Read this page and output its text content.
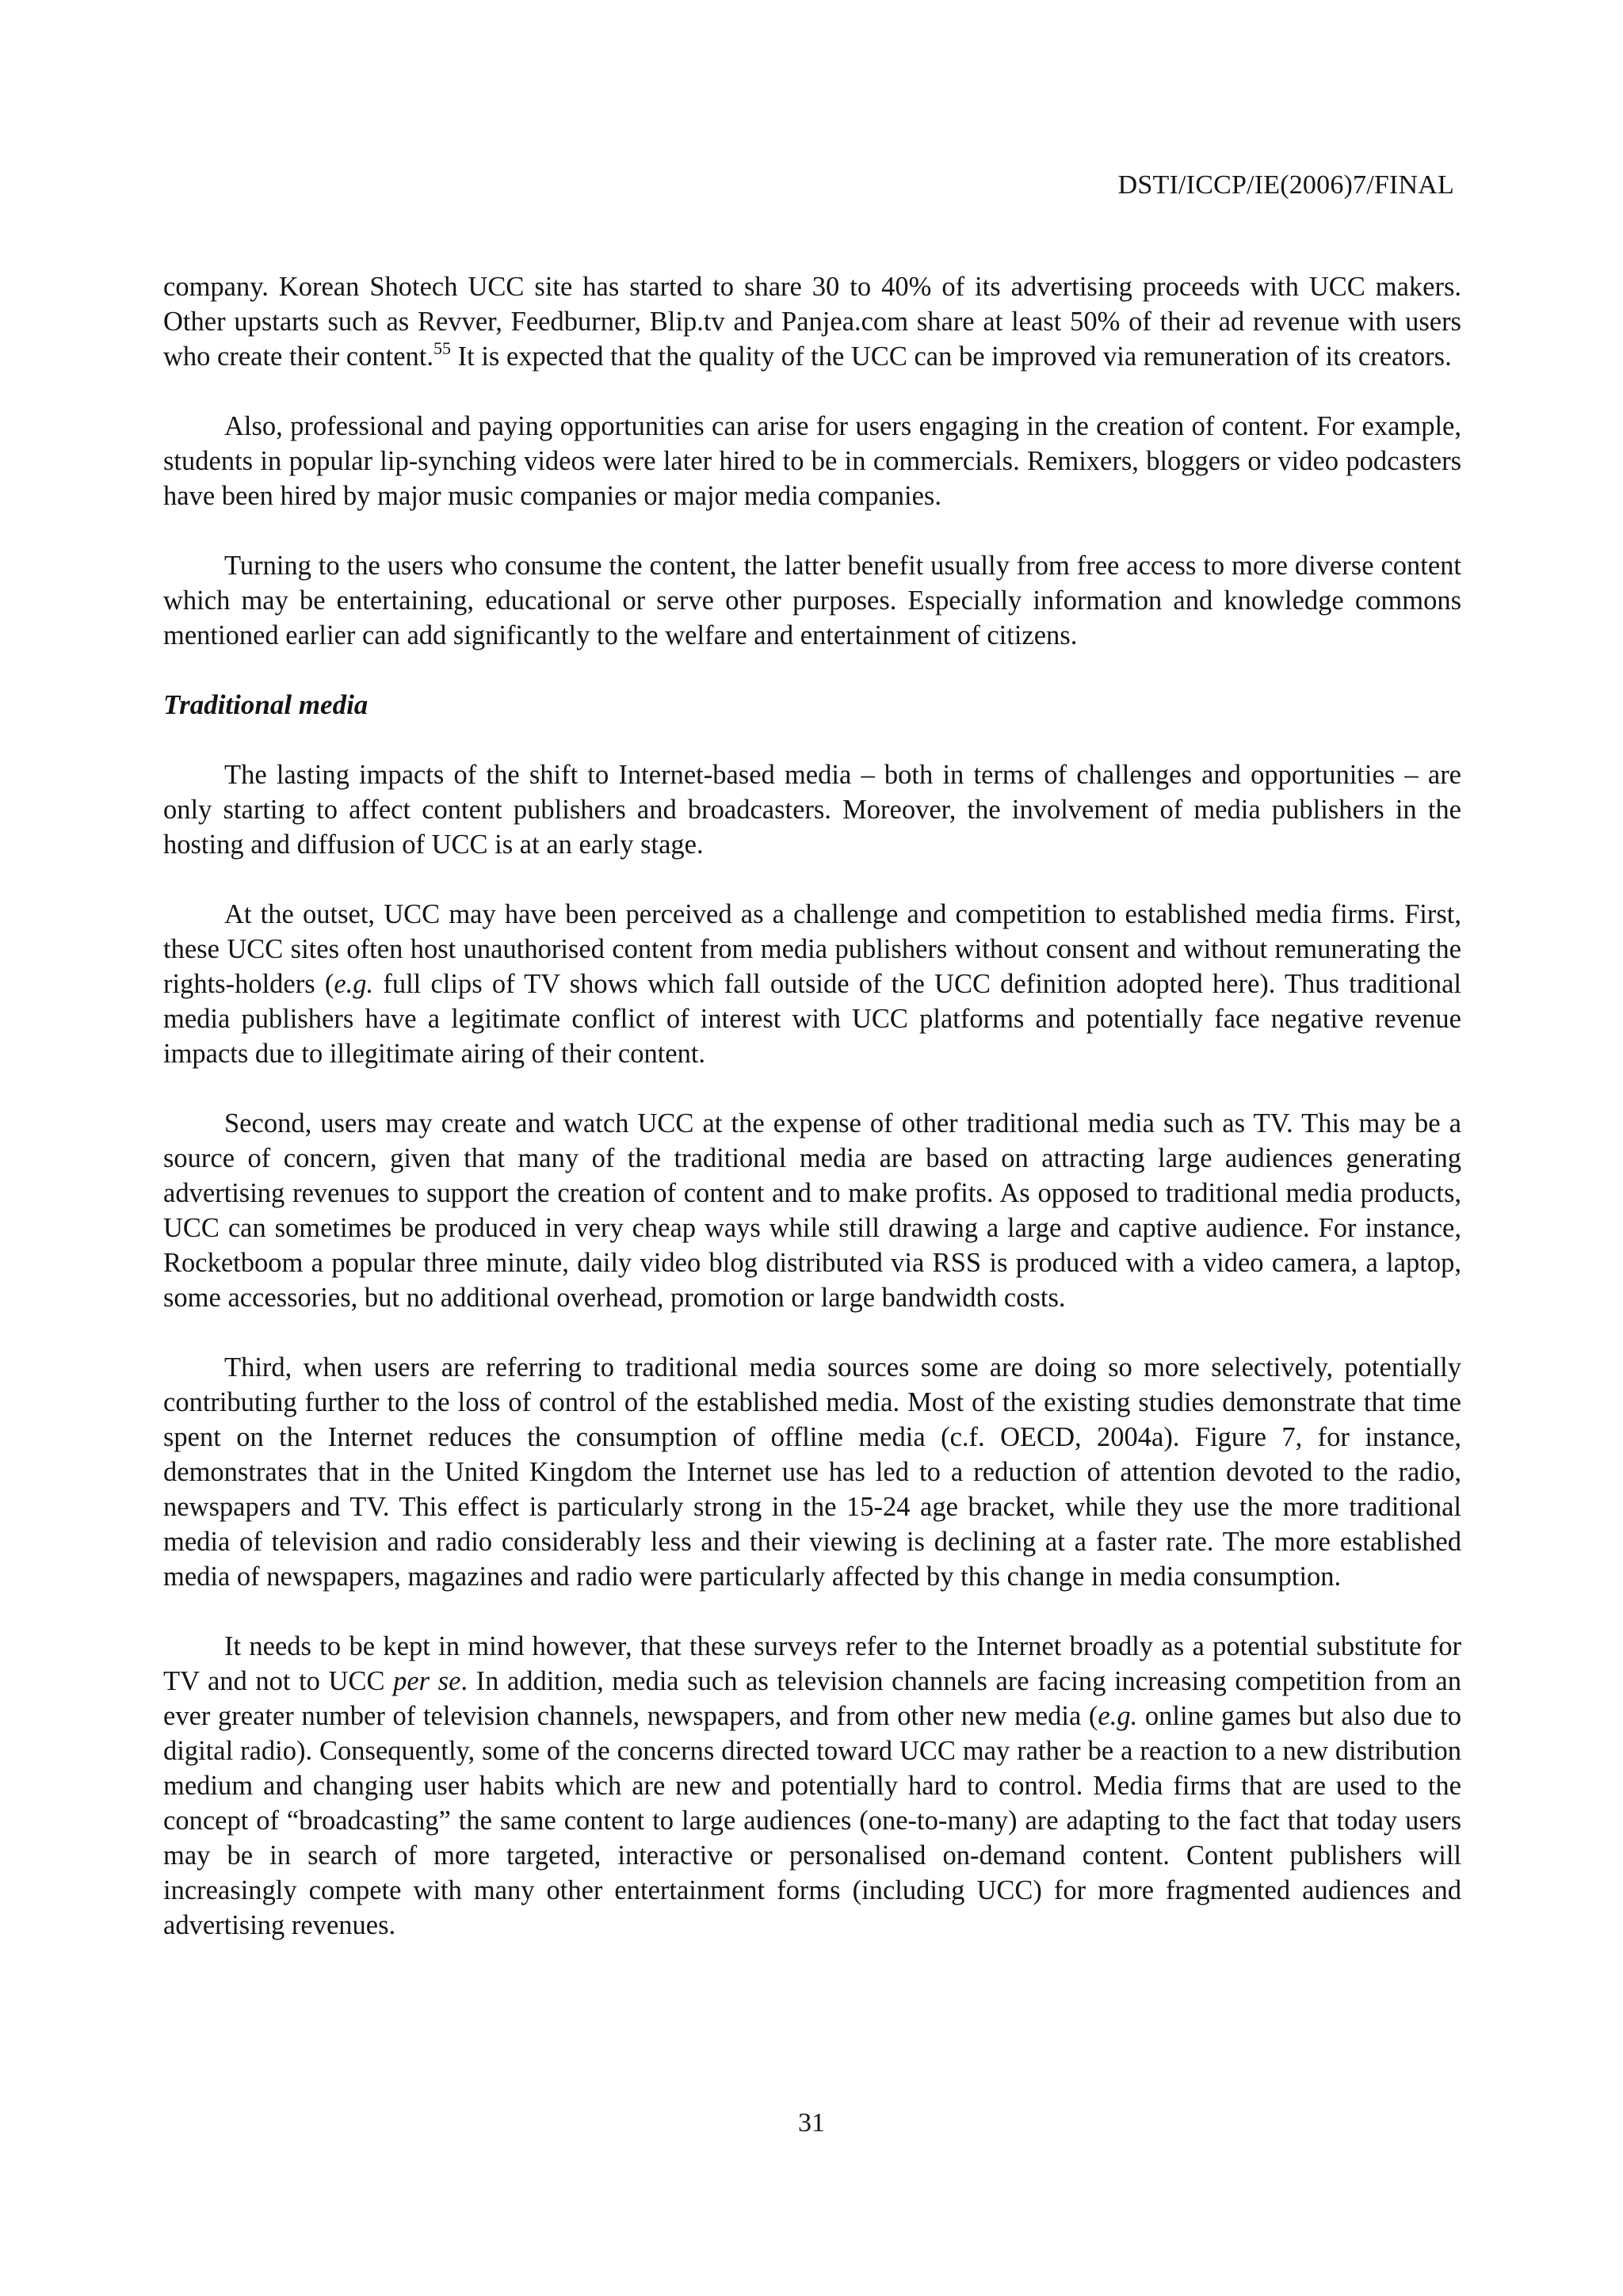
DSTI/ICCP/IE(2006)7/FINAL

company. Korean Shotech UCC site has started to share 30 to 40% of its advertising proceeds with UCC makers. Other upstarts such as Revver, Feedburner, Blip.tv and Panjea.com share at least 50% of their ad revenue with users who create their content.$^{55}$ It is expected that the quality of the UCC can be improved via remuneration of its creators.

Also, professional and paying opportunities can arise for users engaging in the creation of content. For example, students in popular lip-synching videos were later hired to be in commercials. Remixers, bloggers or video podcasters have been hired by major music companies or major media companies.

Turning to the users who consume the content, the latter benefit usually from free access to more diverse content which may be entertaining, educational or serve other purposes. Especially information and knowledge commons mentioned earlier can add significantly to the welfare and entertainment of citizens.

Traditional media

The lasting impacts of the shift to Internet-based media – both in terms of challenges and opportunities – are only starting to affect content publishers and broadcasters. Moreover, the involvement of media publishers in the hosting and diffusion of UCC is at an early stage.

At the outset, UCC may have been perceived as a challenge and competition to established media firms. First, these UCC sites often host unauthorised content from media publishers without consent and without remunerating the rights-holders (e.g. full clips of TV shows which fall outside of the UCC definition adopted here). Thus traditional media publishers have a legitimate conflict of interest with UCC platforms and potentially face negative revenue impacts due to illegitimate airing of their content.

Second, users may create and watch UCC at the expense of other traditional media such as TV. This may be a source of concern, given that many of the traditional media are based on attracting large audiences generating advertising revenues to support the creation of content and to make profits. As opposed to traditional media products, UCC can sometimes be produced in very cheap ways while still drawing a large and captive audience. For instance, Rocketboom a popular three minute, daily video blog distributed via RSS is produced with a video camera, a laptop, some accessories, but no additional overhead, promotion or large bandwidth costs.

Third, when users are referring to traditional media sources some are doing so more selectively, potentially contributing further to the loss of control of the established media. Most of the existing studies demonstrate that time spent on the Internet reduces the consumption of offline media (c.f. OECD, 2004a). Figure 7, for instance, demonstrates that in the United Kingdom the Internet use has led to a reduction of attention devoted to the radio, newspapers and TV. This effect is particularly strong in the 15-24 age bracket, while they use the more traditional media of television and radio considerably less and their viewing is declining at a faster rate. The more established media of newspapers, magazines and radio were particularly affected by this change in media consumption.

It needs to be kept in mind however, that these surveys refer to the Internet broadly as a potential substitute for TV and not to UCC per se. In addition, media such as television channels are facing increasing competition from an ever greater number of television channels, newspapers, and from other new media (e.g. online games but also due to digital radio). Consequently, some of the concerns directed toward UCC may rather be a reaction to a new distribution medium and changing user habits which are new and potentially hard to control. Media firms that are used to the concept of “broadcasting” the same content to large audiences (one-to-many) are adapting to the fact that today users may be in search of more targeted, interactive or personalised on-demand content. Content publishers will increasingly compete with many other entertainment forms (including UCC) for more fragmented audiences and advertising revenues.

31
